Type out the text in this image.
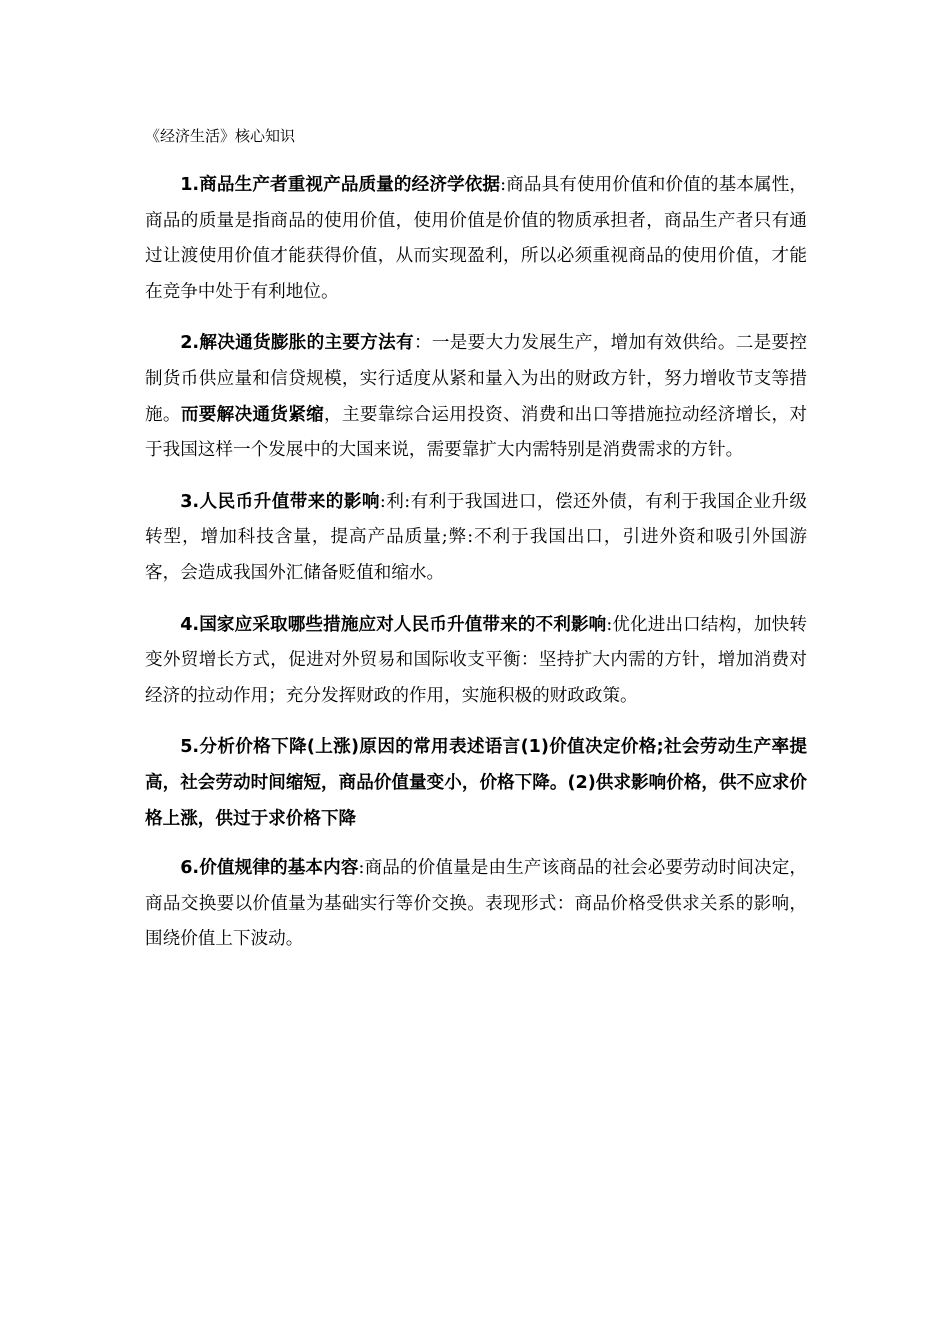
《经济生活》核心知识

1.商品生产者重视产品质量的经济学依据:商品具有使用价值和价值的基本属性，商品的质量是指商品的使用价值，使用价值是价值的物质承担者，商品生产者只有通过让渡使用价值才能获得价值，从而实现盈利，所以必须重视商品的使用价值，才能在竞争中处于有利地位。

2.解决通货膨胀的主要方法有：一是要大力发展生产，增加有效供给。二是要控制货币供应量和信贷规模，实行适度从紧和量入为出的财政方针，努力增收节支等措施。而要解决通货紧缩，主要靠综合运用投资、消费和出口等措施拉动经济增长，对于我国这样一个发展中的大国来说，需要靠扩大内需特别是消费需求的方针。

3.人民币升值带来的影响:利:有利于我国进口，偿还外债，有利于我国企业升级转型，增加科技含量，提高产品质量;弊:不利于我国出口，引进外资和吸引外国游客，会造成我国外汇储备贬值和缩水。

4.国家应采取哪些措施应对人民币升值带来的不利影响:优化进出口结构，加快转变外贸增长方式，促进对外贸易和国际收支平衡：坚持扩大内需的方针，增加消费对经济的拉动作用；充分发挥财政的作用，实施积极的财政政策。

5.分析价格下降(上涨)原因的常用表述语言(1)价值决定价格;社会劳动生产率提高，社会劳动时间缩短，商品价值量变小，价格下降。(2)供求影响价格，供不应求价格上涨，供过于求价格下降

6.价值规律的基本内容:商品的价值量是由生产该商品的社会必要劳动时间决定，商品交换要以价值量为基础实行等价交换。表现形式：商品价格受供求关系的影响，围绕价值上下波动。
